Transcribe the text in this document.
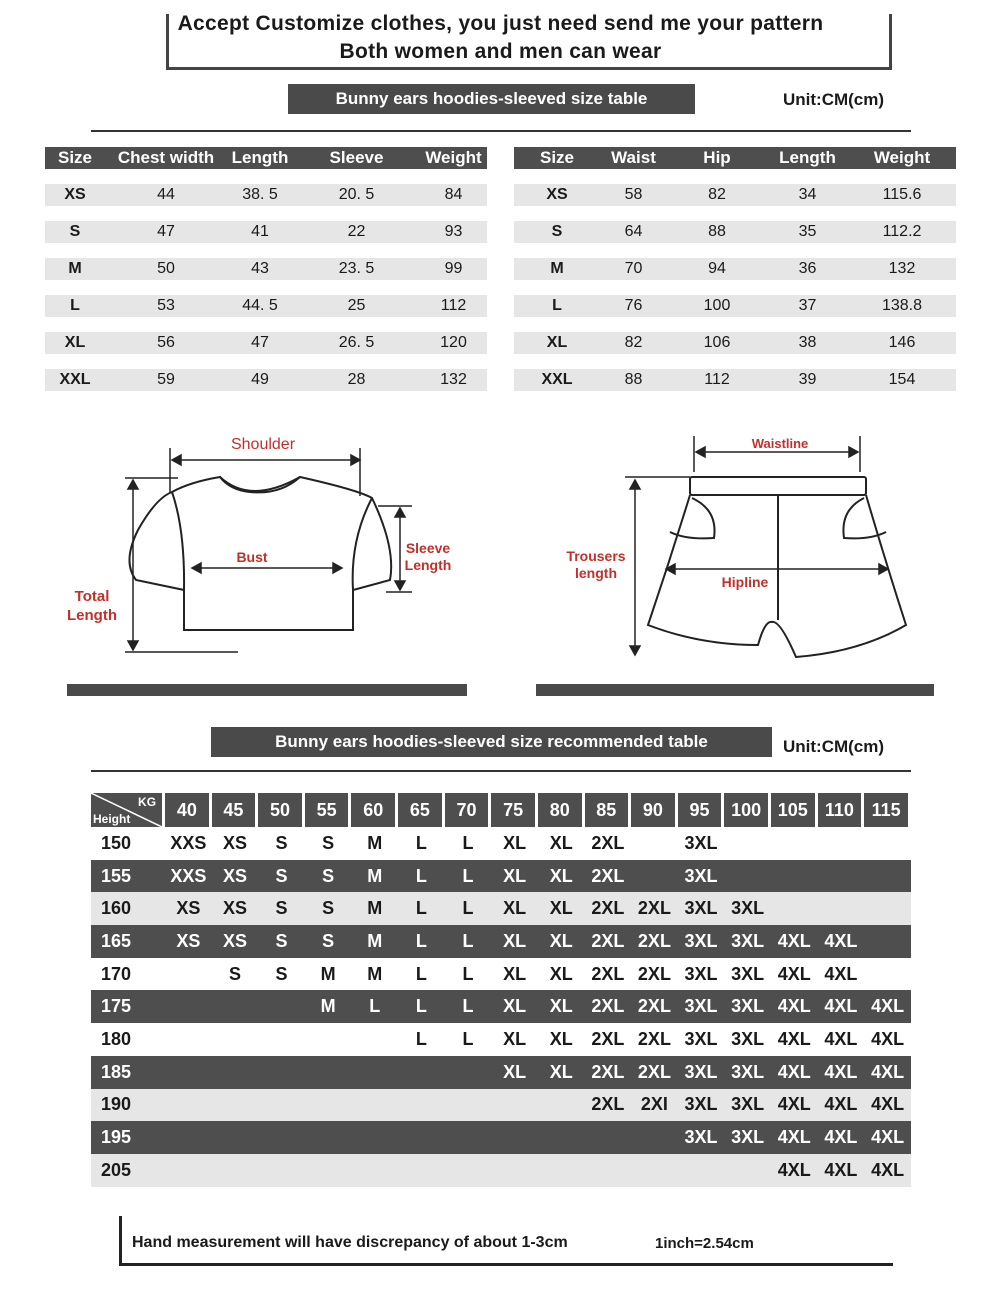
Accept Customize clothes, you just need send me your pattern
Both women and men can wear
Bunny ears hoodies-sleeved size table	Unit:CM(cm)
Size	Chest width	Length	Sleeve	Weight

XS	44	38. 5	20. 5	84

S	47	41	22	93

M	50	43	23. 5	99

L	53	44. 5	25	112

XL	56	47	26. 5	120

XXL	59	49	28	132
Size	Waist	Hip	Length	Weight

XS	58	82	34	115.6

S	64	88	35	112.2

M	70	94	36	132

L	76	100	37	138.8

XL	82	106	38	146

XXL	88	112	39	154
Shoulder
Bust
Sleeve
Length
Total
Length
Waistline
Hipline
Trousers
length
Bunny ears hoodies-sleeved size recommended table	Unit:CM(cm)
KG
Height	40	45	50	55	60	65	70	75	80	85	90	95	100	105	110	115
150	XXS	XS	S	S	M	L	L	XL	XL	2XL		3XL				
155	XXS	XS	S	S	M	L	L	XL	XL	2XL		3XL				
160	XS	XS	S	S	M	L	L	XL	XL	2XL	2XL	3XL	3XL			
165	XS	XS	S	S	M	L	L	XL	XL	2XL	2XL	3XL	3XL	4XL	4XL	
170		S	S	M	M	L	L	XL	XL	2XL	2XL	3XL	3XL	4XL	4XL	
175				M	L	L	L	XL	XL	2XL	2XL	3XL	3XL	4XL	4XL	4XL
180						L	L	XL	XL	2XL	2XL	3XL	3XL	4XL	4XL	4XL
185								XL	XL	2XL	2XL	3XL	3XL	4XL	4XL	4XL
190										2XL	2XI	3XL	3XL	4XL	4XL	4XL
195												3XL	3XL	4XL	4XL	4XL
205														4XL	4XL	4XL
Hand measurement will have discrepancy of about 1-3cm	1inch=2.54cm
